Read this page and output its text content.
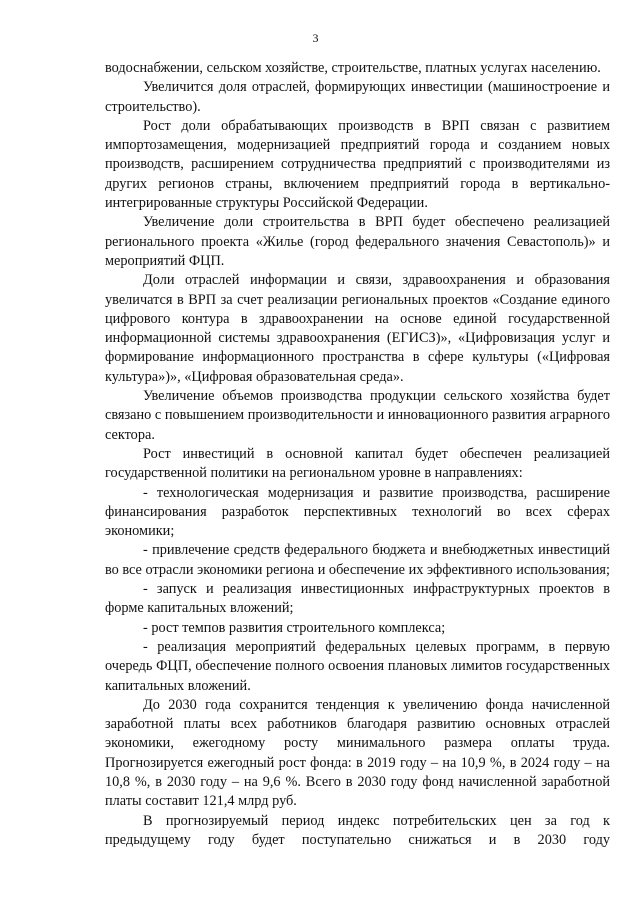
3

водоснабжении, сельском хозяйстве, строительстве, платных услугах населению.

Увеличится доля отраслей, формирующих инвестиции (машиностроение и строительство).

Рост доли обрабатывающих производств в ВРП связан с развитием импортозамещения, модернизацией предприятий города и созданием новых производств, расширением сотрудничества предприятий с производителями из других регионов страны, включением предприятий города в вертикально-интегрированные структуры Российской Федерации.

Увеличение доли строительства в ВРП будет обеспечено реализацией регионального проекта «Жилье (город федерального значения Севастополь)» и мероприятий ФЦП.

Доли отраслей информации и связи, здравоохранения и образования увеличатся в ВРП за счет реализации региональных проектов «Создание единого цифрового контура в здравоохранении на основе единой государственной информационной системы здравоохранения (ЕГИСЗ)», «Цифровизация услуг и формирование информационного пространства в сфере культуры («Цифровая культура»)», «Цифровая образовательная среда».

Увеличение объемов производства продукции сельского хозяйства будет связано с повышением производительности и инновационного развития аграрного сектора.

Рост инвестиций в основной капитал будет обеспечен реализацией государственной политики на региональном уровне в направлениях:

- технологическая модернизация и развитие производства, расширение финансирования разработок перспективных технологий во всех сферах экономики;

- привлечение средств федерального бюджета и внебюджетных инвестиций во все отрасли экономики региона и обеспечение их эффективного использования;

- запуск и реализация инвестиционных инфраструктурных проектов в форме капитальных вложений;

- рост темпов развития строительного комплекса;

- реализация мероприятий федеральных целевых программ, в первую очередь ФЦП, обеспечение полного освоения плановых лимитов государственных капитальных вложений.

До 2030 года сохранится тенденция к увеличению фонда начисленной заработной платы всех работников благодаря развитию основных отраслей экономики, ежегодному росту минимального размера оплаты труда. Прогнозируется ежегодный рост фонда: в 2019 году – на 10,9 %, в 2024 году – на 10,8 %, в 2030 году – на 9,6 %. Всего в 2030 году фонд начисленной заработной платы составит 121,4 млрд руб.

В прогнозируемый период индекс потребительских цен за год к предыдущему году будет поступательно снижаться и в 2030 году
